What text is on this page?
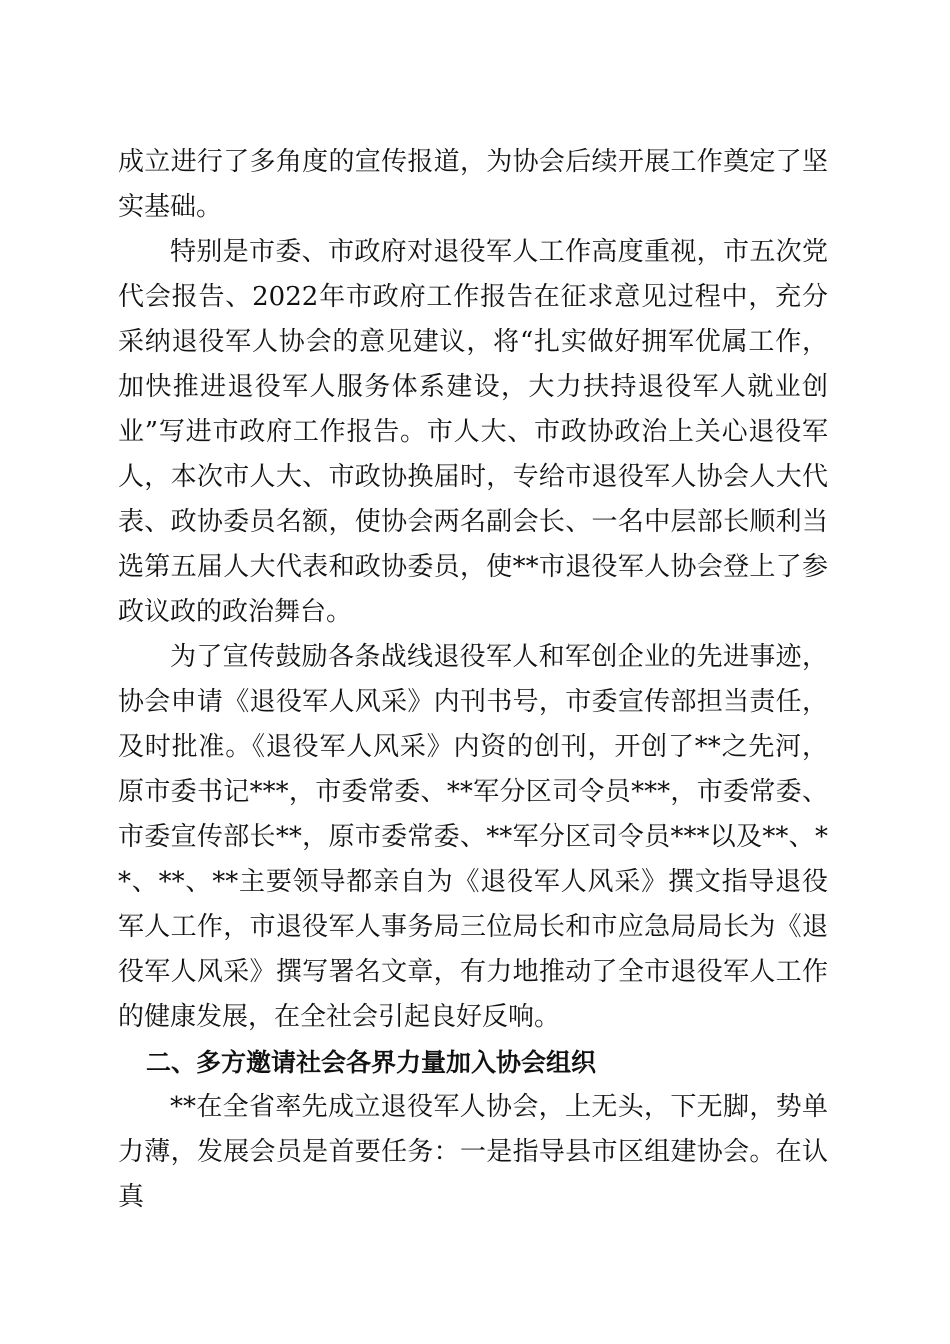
成立进行了多角度的宣传报道，为协会后续开展工作奠定了坚实基础。

特别是市委、市政府对退役军人工作高度重视，市五次党代会报告、2022年市政府工作报告在征求意见过程中，充分采纳退役军人协会的意见建议，将“扎实做好拥军优属工作，加快推进退役军人服务体系建设，大力扶持退役军人就业创业”写进市政府工作报告。市人大、市政协政治上关心退役军人，本次市人大、市政协换届时，专给市退役军人协会人大代表、政协委员名额，使协会两名副会长、一名中层部长顺利当选第五届人大代表和政协委员，使**市退役军人协会登上了参政议政的政治舞台。

为了宣传鼓励各条战线退役军人和军创企业的先进事迹，协会申请《退役军人风采》内刊书号，市委宣传部担当责任，及时批准。《退役军人风采》内资的创刊，开创了**之先河，原市委书记***，市委常委、**军分区司令员***，市委常委、市委宣传部长**，原市委常委、**军分区司令员***以及**、**、**、**主要领导都亲自为《退役军人风采》撰文指导退役军人工作，市退役军人事务局三位局长和市应急局局长为《退役军人风采》撰写署名文章，有力地推动了全市退役军人工作的健康发展，在全社会引起良好反响。

二、多方邀请社会各界力量加入协会组织

**在全省率先成立退役军人协会，上无头，下无脚，势单力薄，发展会员是首要任务：一是指导县市区组建协会。在认真
